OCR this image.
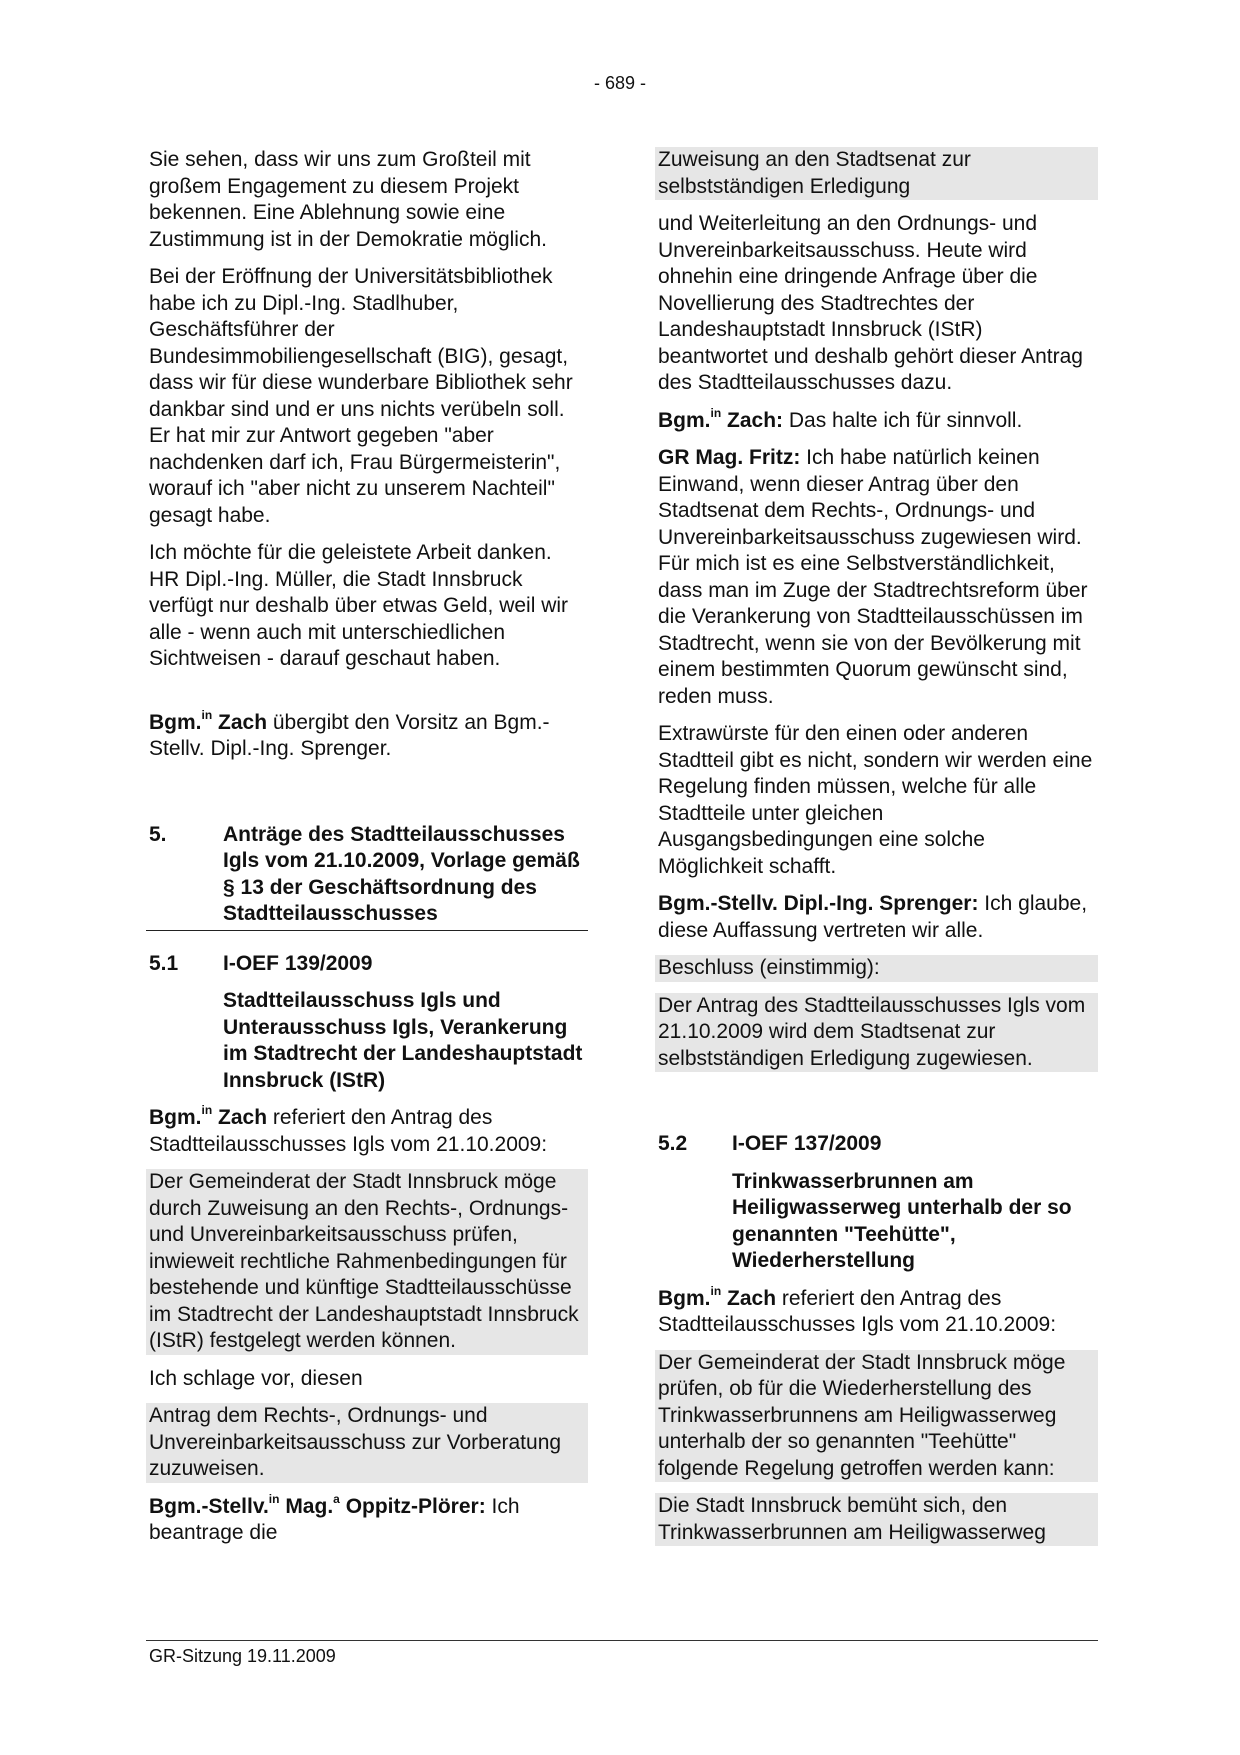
- 689 -

Sie sehen, dass wir uns zum Großteil mit großem Engagement zu diesem Projekt bekennen. Eine Ablehnung sowie eine Zustimmung ist in der Demokratie möglich.

Bei der Eröffnung der Universitätsbibliothek habe ich zu Dipl.-Ing. Stadlhuber, Geschäftsführer der Bundesimmobiliengesellschaft (BIG), gesagt, dass wir für diese wunderbare Bibliothek sehr dankbar sind und er uns nichts verübeln soll. Er hat mir zur Antwort gegeben "aber nachdenken darf ich, Frau Bürgermeisterin", worauf ich "aber nicht zu unserem Nachteil" gesagt habe.

Ich möchte für die geleistete Arbeit danken. HR Dipl.-Ing. Müller, die Stadt Innsbruck verfügt nur deshalb über etwas Geld, weil wir alle - wenn auch mit unterschiedlichen Sichtweisen - darauf geschaut haben.

Bgm.$^{in}$ Zach übergibt den Vorsitz an Bgm.-Stellv. Dipl.-Ing. Sprenger.

5.	Anträge des Stadtteilausschusses Igls vom 21.10.2009, Vorlage gemäß § 13 der Geschäftsordnung des Stadtteilausschusses
5.1	I-OEF 139/2009
Stadtteilausschuss Igls und Unterausschuss Igls, Verankerung im Stadtrecht der Landeshauptstadt Innsbruck (IStR)

Bgm.$^{in}$ Zach referiert den Antrag des Stadtteilausschusses Igls vom 21.10.2009:

Der Gemeinderat der Stadt Innsbruck möge durch Zuweisung an den Rechts-, Ordnungs- und Unvereinbarkeitsausschuss prüfen, inwieweit rechtliche Rahmenbedingungen für bestehende und künftige Stadtteilausschüsse im Stadtrecht der Landeshauptstadt Innsbruck (IStR) festgelegt werden können.

Ich schlage vor, diesen

Antrag dem Rechts-, Ordnungs- und Unvereinbarkeitsausschuss zur Vorberatung zuzuweisen.

Bgm.-Stellv.$^{in}$ Mag.$^a$ Oppitz-Plörer: Ich beantrage die

Zuweisung an den Stadtsenat zur selbstständigen Erledigung

und Weiterleitung an den Ordnungs- und Unvereinbarkeitsausschuss. Heute wird ohnehin eine dringende Anfrage über die Novellierung des Stadtrechtes der Landeshauptstadt Innsbruck (IStR) beantwortet und deshalb gehört dieser Antrag des Stadtteilausschusses dazu.

Bgm.$^{in}$ Zach: Das halte ich für sinnvoll.

GR Mag. Fritz: Ich habe natürlich keinen Einwand, wenn dieser Antrag über den Stadtsenat dem Rechts-, Ordnungs- und Unvereinbarkeitsausschuss zugewiesen wird. Für mich ist es eine Selbstverständlichkeit, dass man im Zuge der Stadtrechtsreform über die Verankerung von Stadtteilausschüssen im Stadtrecht, wenn sie von der Bevölkerung mit einem bestimmten Quorum gewünscht sind, reden muss.

Extrawürste für den einen oder anderen Stadtteil gibt es nicht, sondern wir werden eine Regelung finden müssen, welche für alle Stadtteile unter gleichen Ausgangsbedingungen eine solche Möglichkeit schafft.

Bgm.-Stellv. Dipl.-Ing. Sprenger: Ich glaube, diese Auffassung vertreten wir alle.

Beschluss (einstimmig):

Der Antrag des Stadtteilausschusses Igls vom 21.10.2009 wird dem Stadtsenat zur selbstständigen Erledigung zugewiesen.

5.2	I-OEF 137/2009
Trinkwasserbrunnen am Heiligwasserweg unterhalb der so genannten "Teehütte", Wiederherstellung

Bgm.$^{in}$ Zach referiert den Antrag des Stadtteilausschusses Igls vom 21.10.2009:

Der Gemeinderat der Stadt Innsbruck möge prüfen, ob für die Wiederherstellung des Trinkwasserbrunnens am Heiligwasserweg unterhalb der so genannten "Teehütte" folgende Regelung getroffen werden kann:

Die Stadt Innsbruck bemüht sich, den Trinkwasserbrunnen am Heiligwasserweg

GR-Sitzung 19.11.2009
